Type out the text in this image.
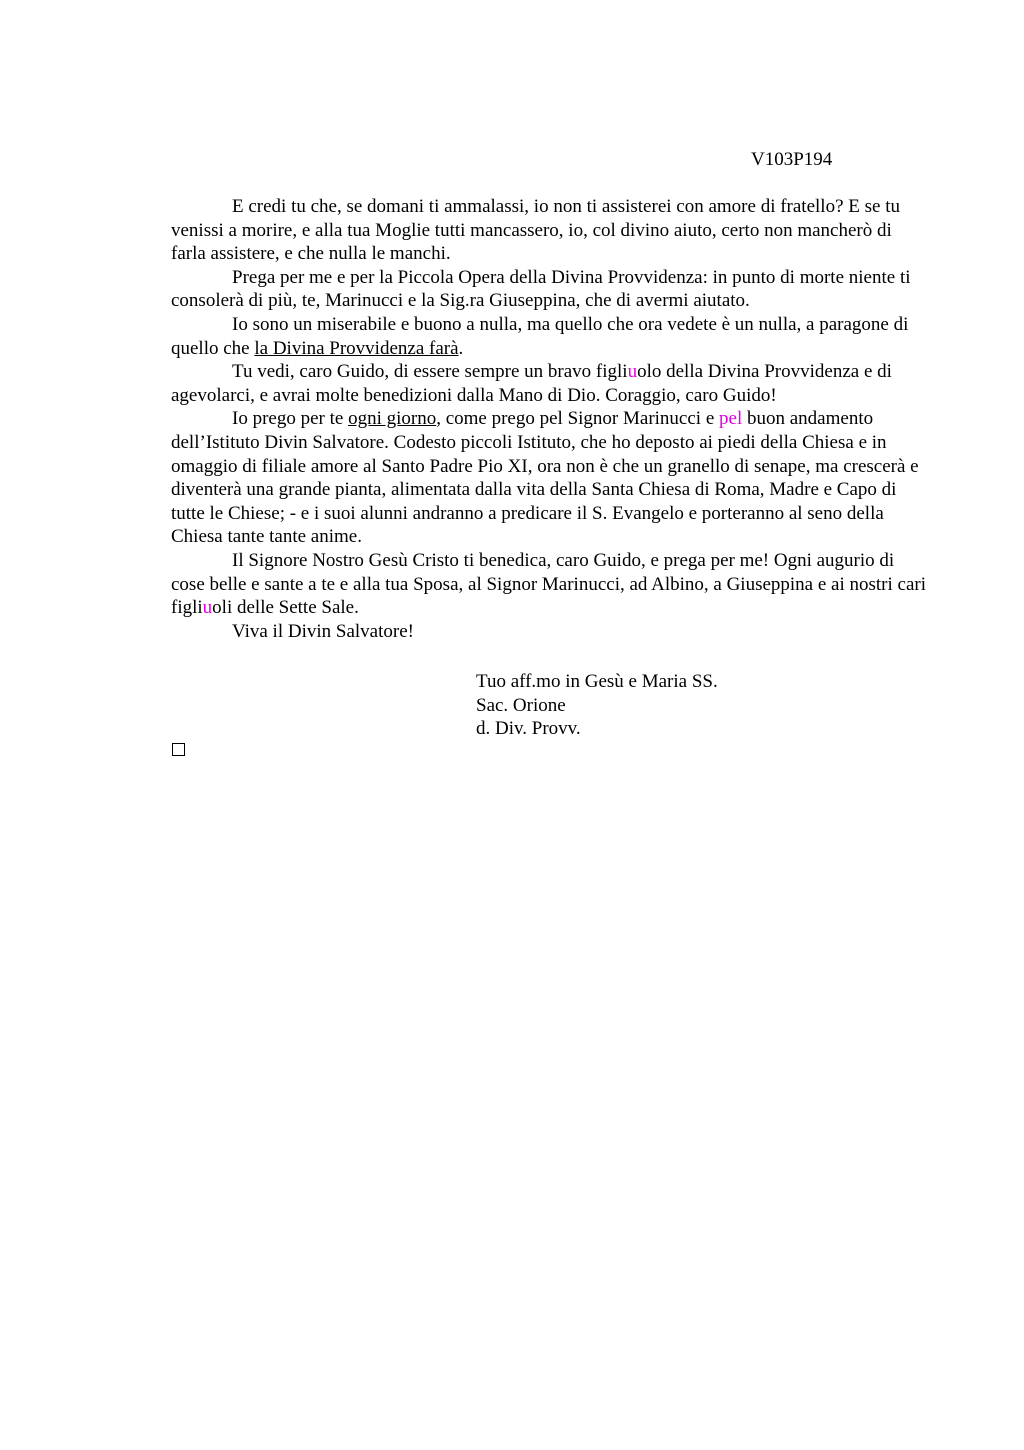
V103P194

E credi tu che, se domani ti ammalassi, io non ti assisterei con amore di fratello? E se tu venissi a morire, e alla tua Moglie tutti mancassero, io, col divino aiuto, certo non mancherò di farla assistere, e che nulla le manchi.

Prega per me e per la Piccola Opera della Divina Provvidenza: in punto di morte niente ti consolerà di più, te, Marinucci e la Sig.ra Giuseppina, che di avermi aiutato.

Io sono un miserabile e buono a nulla, ma quello che ora vedete è un nulla, a paragone di quello che la Divina Provvidenza farà.

Tu vedi, caro Guido, di essere sempre un bravo figliuolo della Divina Provvidenza e di agevolarci, e avrai molte benedizioni dalla Mano di Dio. Coraggio, caro Guido!

Io prego per te ogni giorno, come prego pel Signor Marinucci e pel buon andamento dell’Istituto Divin Salvatore. Codesto piccoli Istituto, che ho deposto ai piedi della Chiesa e in omaggio di filiale amore al Santo Padre Pio XI, ora non è che un granello di senape, ma crescerà e diventerà una grande pianta, alimentata dalla vita della Santa Chiesa di Roma, Madre e Capo di tutte le Chiese; - e i suoi alunni andranno a predicare il S. Evangelo e porteranno al seno della Chiesa tante tante anime.

Il Signore Nostro Gesù Cristo ti benedica, caro Guido, e prega per me! Ogni augurio di cose belle e sante a te e alla tua Sposa, al Signor Marinucci, ad Albino, a Giuseppina e ai nostri cari figliuoli delle Sette Sale.

Viva il Divin Salvatore!

Tuo aff.mo in Gesù e Maria SS.
Sac. Orione
d. Div. Provv.
